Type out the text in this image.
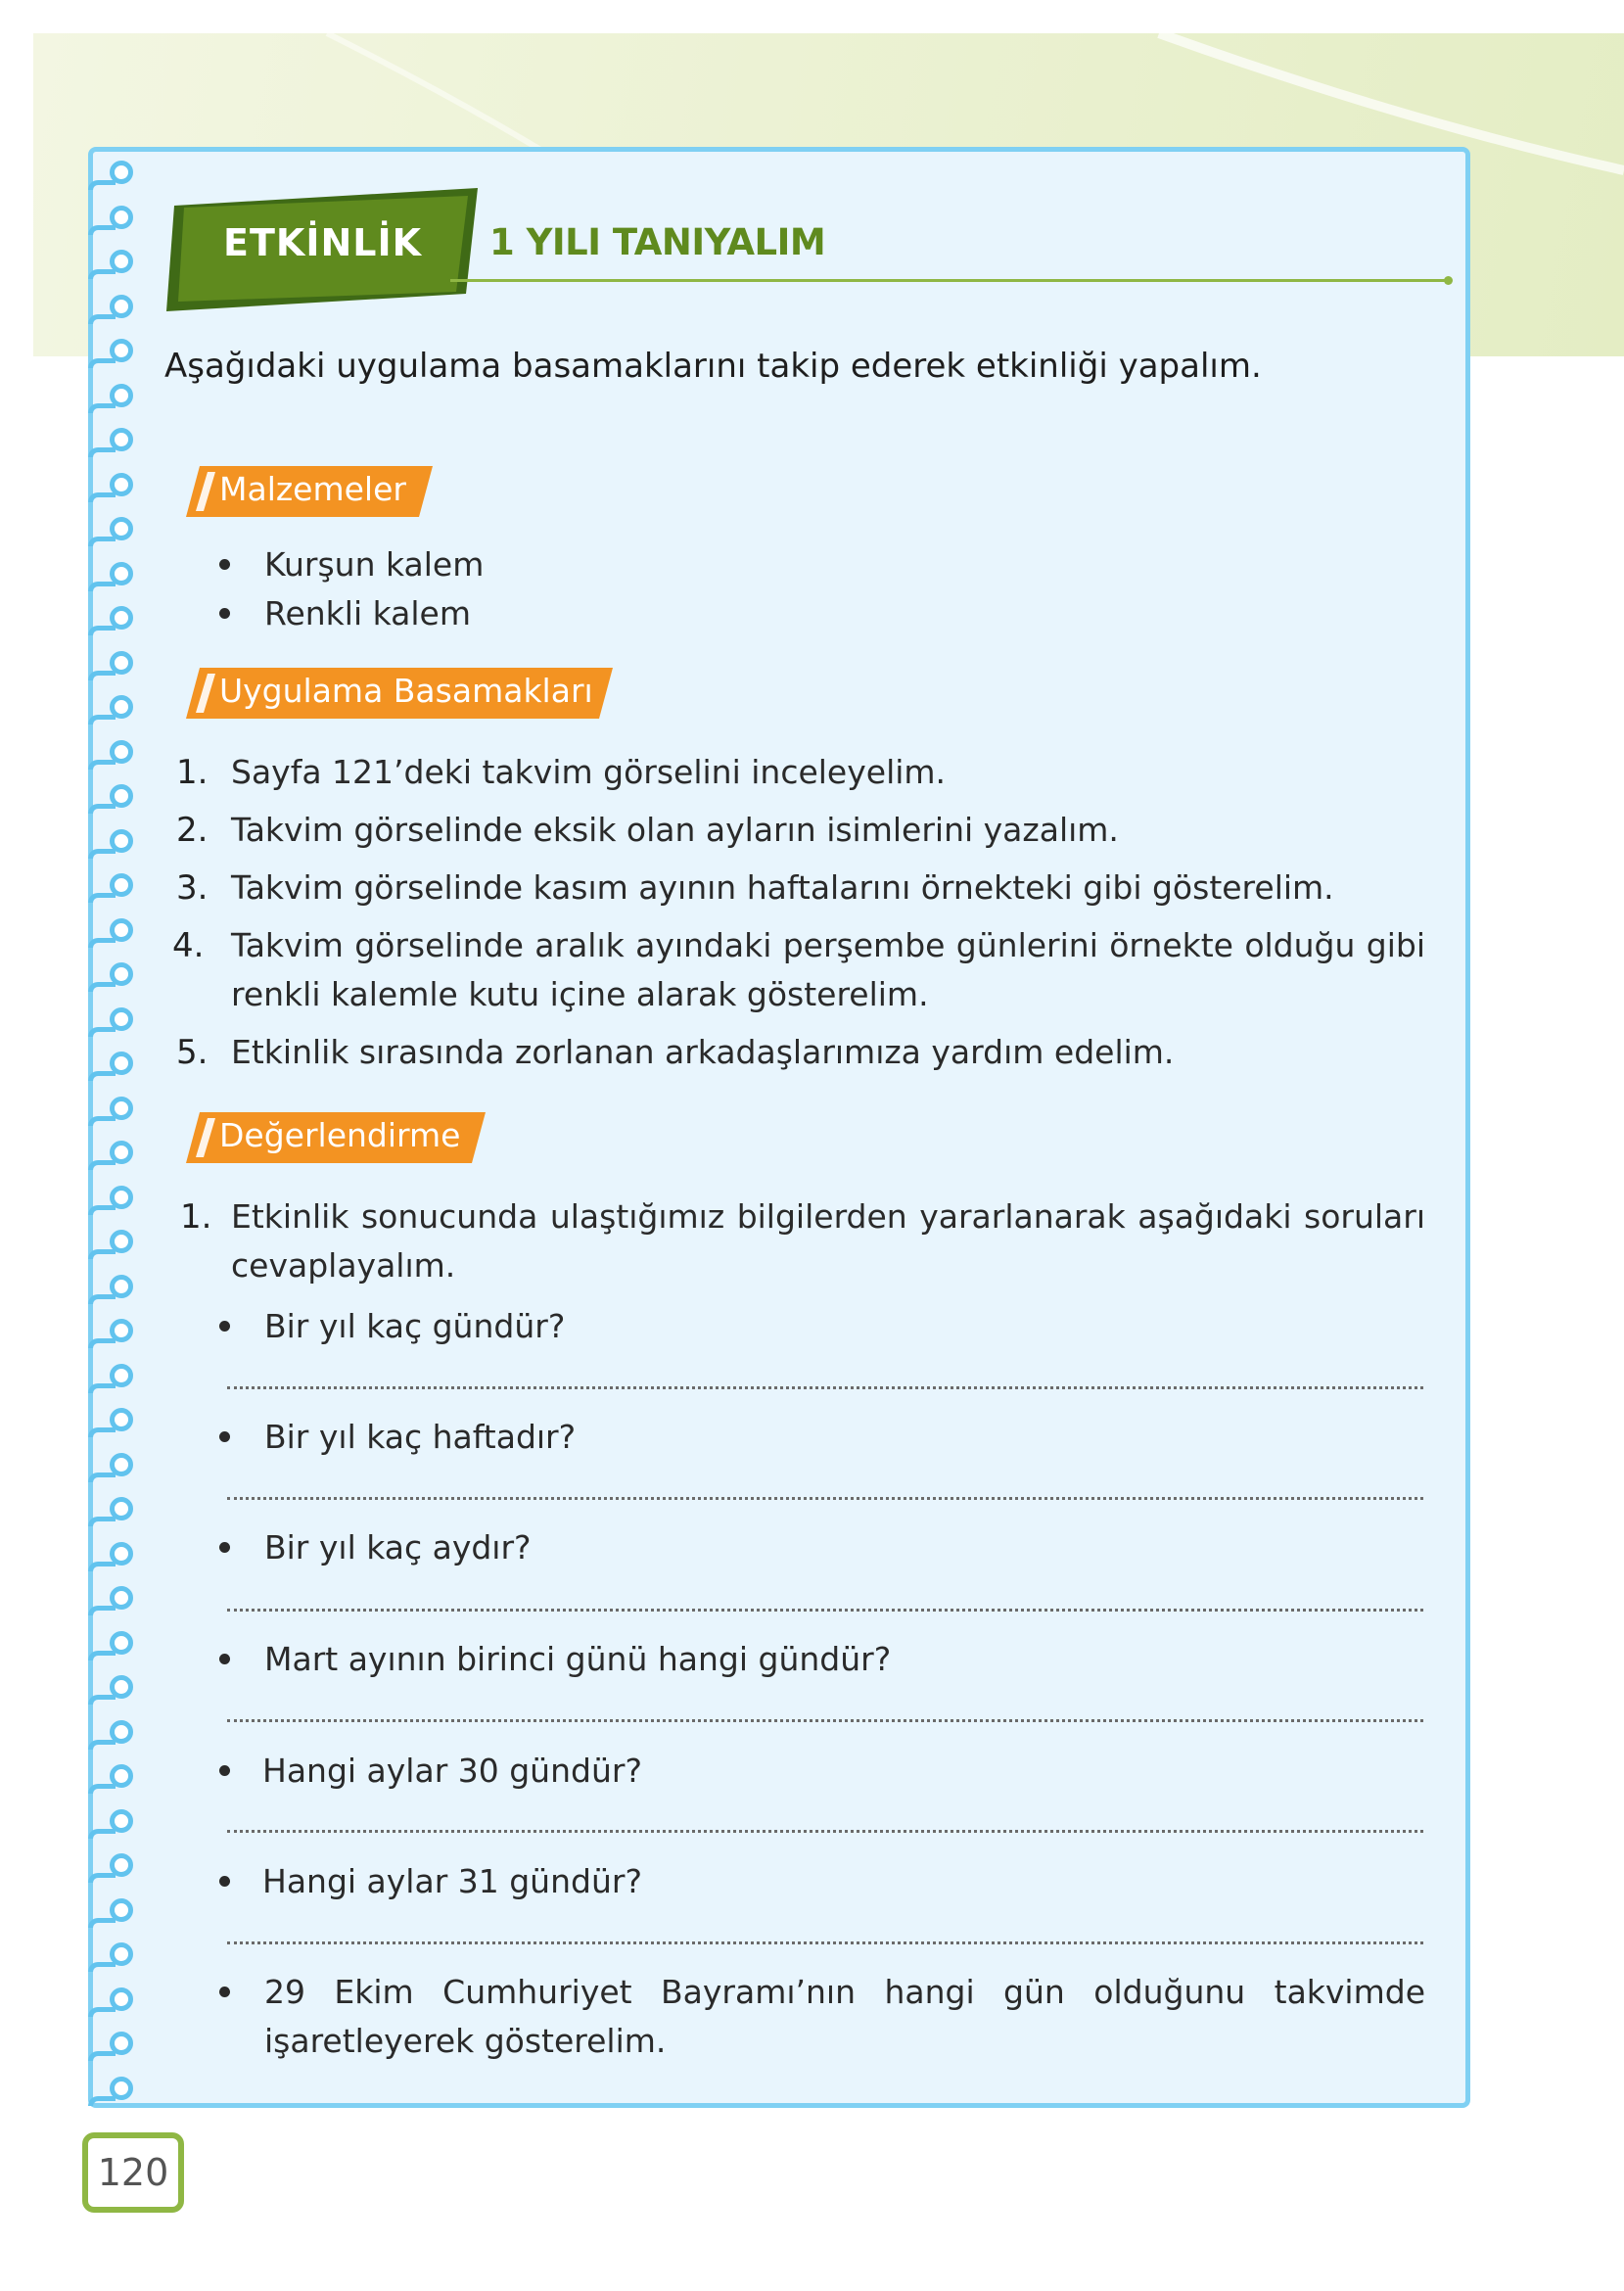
ETKİNLİK 1 YILI TANIYALIM
Aşağıdaki uygulama basamaklarını takip ederek etkinliği yapalım.
Malzemeler
Kurşun kalem
Renkli kalem
Uygulama Basamakları
1. Sayfa 121’deki takvim görselini inceleyelim.
2. Takvim görselinde eksik olan ayların isimlerini yazalım.
3. Takvim görselinde kasım ayının haftalarını örnekteki gibi gösterelim.
4. Takvim görselinde aralık ayındaki perşembe günlerini örnekte olduğu gibi renkli kalemle kutu içine alarak gösterelim.
5. Etkinlik sırasında zorlanan arkadaşlarımıza yardım edelim.
Değerlendirme
1. Etkinlik sonucunda ulaştığımız bilgilerden yararlanarak aşağıdaki soruları cevaplayalım.
Bir yıl kaç gündür?
Bir yıl kaç haftadır?
Bir yıl kaç aydır?
Mart ayının birinci günü hangi gündür?
Hangi aylar 30 gündür?
Hangi aylar 31 gündür?
29 Ekim Cumhuriyet Bayramı’nın hangi gün olduğunu takvimde işaretleyerek gösterelim.
120
